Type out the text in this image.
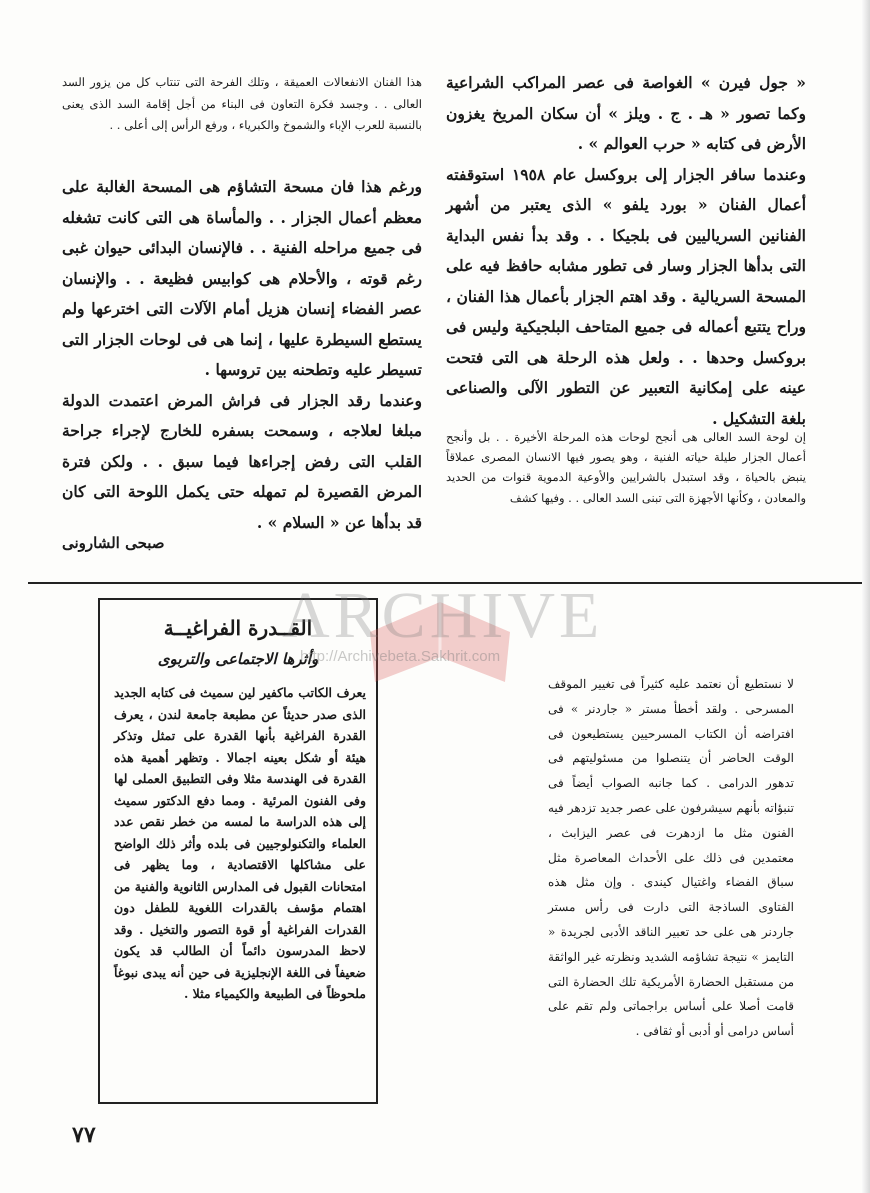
« جول فيرن » الغواصة فى عصر المراكب الشراعية وكما تصور « هـ . ج . ويلز » أن سكان المريخ يغزون الأرض فى كتابه « حرب العوالم » .

وعندما سافر الجزار إلى بروكسل عام ١٩٥٨ استوقفته أعمال الفنان « بورد يلفو » الذى يعتبر من أشهر الفنانين السرياليين فى بلجيكا . . وقد بدأ نفس البداية التى بدأها الجزار وسار فى تطور مشابه حافظ فيه على المسحة السريالية . وقد اهتم الجزار بأعمال هذا الفنان ، وراح يتتبع أعماله فى جميع المتاحف البلجيكية وليس فى بروكسل وحدها . . ولعل هذه الرحلة هى التى فتحت عينه على إمكانية التعبير عن التطور الآلى والصناعى بلغة التشكيل .

إن لوحة السد العالى هى أنجح لوحات هذه المرحلة الأخيرة . . بل وأنجح أعمال الجزار طيلة حياته الفنية ، وهو يصور فيها الانسان المصرى عملاقاً ينبض بالحياة ، وقد استبدل بالشرايين والأوعية الدموية قنوات من الحديد والمعادن ، وكأنها الأجهزة التى تبنى السد العالى . . وفيها كشف

هذا الفنان الانفعالات العميقة ، وتلك الفرحة التى تنتاب كل من يزور السد العالى . . وجسد فكرة التعاون فى البناء من أجل إقامة السد الذى يعنى بالنسبة للعرب الإباء والشموخ والكبرياء ، ورفع الرأس إلى أعلى . .

ورغم هذا فان مسحة التشاؤم هى المسحة الغالبة على معظم أعمال الجزار . . والمأساة هى التى كانت تشغله فى جميع مراحله الفنية . . فالإنسان البدائى حيوان غبى رغم قوته ، والأحلام هى كوابيس فظيعة . . والإنسان عصر الفضاء إنسان هزيل أمام الآلات التى اخترعها ولم يستطع السيطرة عليها ، إنما هى فى لوحات الجزار التى تسيطر عليه وتطحنه بين تروسها .

وعندما رقد الجزار فى فراش المرض اعتمدت الدولة مبلغا لعلاجه ، وسمحت بسفره للخارج لإجراء جراحة القلب التى رفض إجراءها فيما سبق . . ولكن فترة المرض القصيرة لم تمهله حتى يكمل اللوحة التى كان قد بدأها عن « السلام » .

صبحى الشارونى
القــدرة الفراغيــة
وأثرها الاجتماعى والتربوى

يعرف الكاتب ماكفير لين سميث فى كتابه الجديد الذى صدر حديثاً عن مطبعة جامعة لندن ، يعرف القدرة الفراغية بأنها القدرة على تمثل وتذكر هيئة أو شكل بعينه اجمالا . وتظهر أهمية هذه القدرة فى الهندسة مثلا وفى التطبيق العملى لها وفى الفنون المرئية . ومما دفع الدكتور سميث إلى هذه الدراسة ما لمسه من خطر نقص عدد العلماء والتكنولوجيين فى بلده وأثر ذلك الواضح على مشاكلها الاقتصادية ، وما يظهر فى امتحانات القبول فى المدارس الثانوية والفنية من اهتمام مؤسف بالقدرات اللغوية للطفل دون القدرات الفراغية أو قوة التصور والتخيل . وقد لاحظ المدرسون دائماً أن الطالب قد يكون ضعيفاً فى اللغة الإنجليزية فى حين أنه يبدى نبوغاً ملحوظاً فى الطبيعة والكيمياء مثلا .

لا نستطيع أن نعتمد عليه كثيراً فى تغيير الموقف المسرحى . ولقد أخطأ مستر « جاردنر » فى افتراضه أن الكتاب المسرحيين يستطيعون فى الوقت الحاضر أن يتنصلوا من مسئوليتهم فى تدهور الدرامى . كما جانبه الصواب أيضاً فى تنبؤاته بأنهم سيشرفون على عصر جديد تزدهر فيه الفنون مثل ما ازدهرت فى عصر اليزابث ، معتمدين فى ذلك على الأحداث المعاصرة مثل سباق الفضاء واغتيال كيندى . وإن مثل هذه الفتاوى الساذجة التى دارت فى رأس مستر جاردنر هى على حد تعبير الناقد الأدبى لجريدة « التايمز » نتيجة تشاؤمه الشديد ونظرته غير الواثقة من مستقبل الحضارة الأمريكية تلك الحضارة التى قامت أصلا على أساس براجماتى ولم تقم على أساس درامى أو أدبى أو ثقافى .

ARCHIVE
http://Archivebeta.Sakhrit.com
٧٧
